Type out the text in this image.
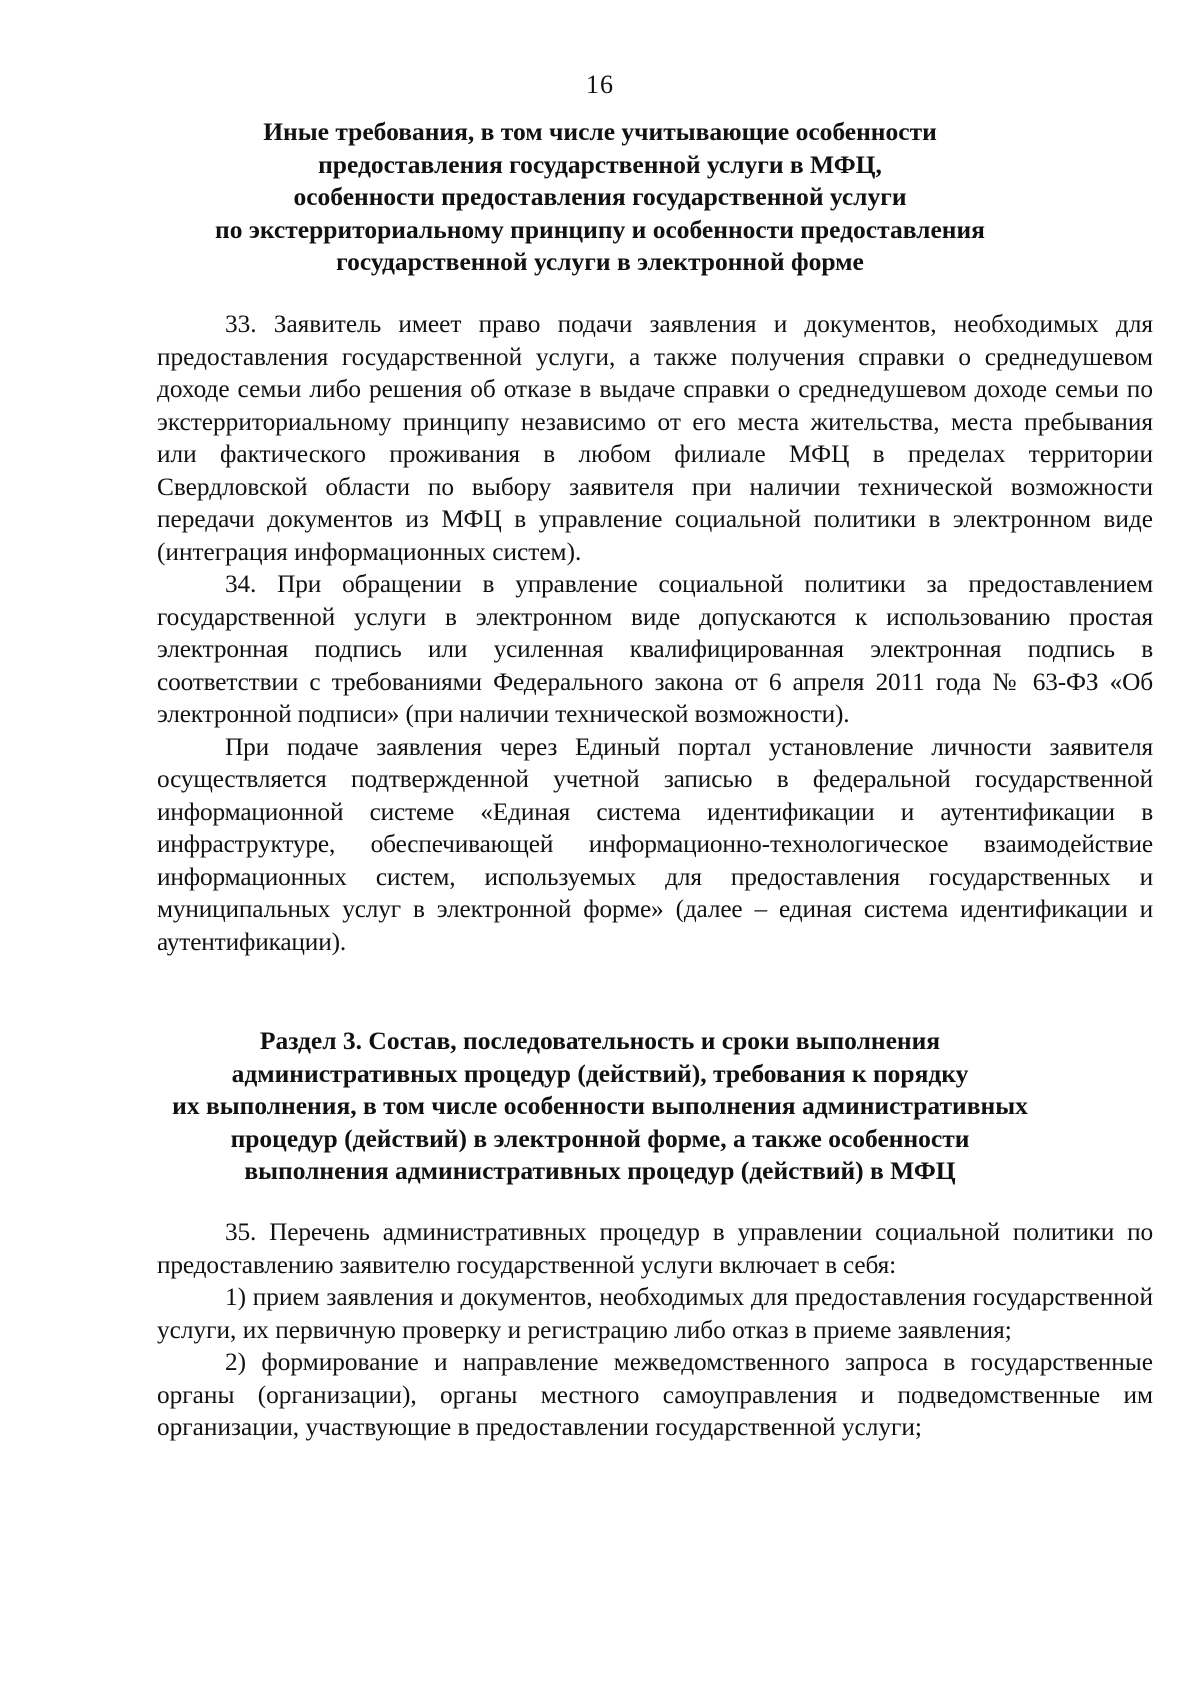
16
Иные требования, в том числе учитывающие особенности
предоставления государственной услуги в МФЦ,
особенности предоставления государственной услуги
по экстерриториальному принципу и особенности предоставления
государственной услуги в электронной форме

33. Заявитель имеет право подачи заявления и документов, необходимых для предоставления государственной услуги, а также получения справки о среднедушевом доходе семьи либо решения об отказе в выдаче справки о среднедушевом доходе семьи по экстерриториальному принципу независимо от его места жительства, места пребывания или фактического проживания в любом филиале МФЦ в пределах территории Свердловской области по выбору заявителя при наличии технической возможности передачи документов из МФЦ в управление социальной политики в электронном виде (интеграция информационных систем).

34. При обращении в управление социальной политики за предоставлением государственной услуги в электронном виде допускаются к использованию простая электронная подпись или усиленная квалифицированная электронная подпись в соответствии с требованиями Федерального закона от 6 апреля 2011 года № 63-ФЗ «Об электронной подписи» (при наличии технической возможности).

При подаче заявления через Единый портал установление личности заявителя осуществляется подтвержденной учетной записью в федеральной государственной информационной системе «Единая система идентификации и аутентификации в инфраструктуре, обеспечивающей информационно-технологическое взаимодействие информационных систем, используемых для предоставления государственных и муниципальных услуг в электронной форме» (далее – единая система идентификации и аутентификации).

Раздел 3. Состав, последовательность и сроки выполнения
административных процедур (действий), требования к порядку
их выполнения, в том числе особенности выполнения административных
процедур (действий) в электронной форме, а также особенности
выполнения административных процедур (действий) в МФЦ

35. Перечень административных процедур в управлении социальной политики по предоставлению заявителю государственной услуги включает в себя:

1) прием заявления и документов, необходимых для предоставления государственной услуги, их первичную проверку и регистрацию либо отказ в приеме заявления;

2) формирование и направление межведомственного запроса в государственные органы (организации), органы местного самоуправления и подведомственные им организации, участвующие в предоставлении государственной услуги;
